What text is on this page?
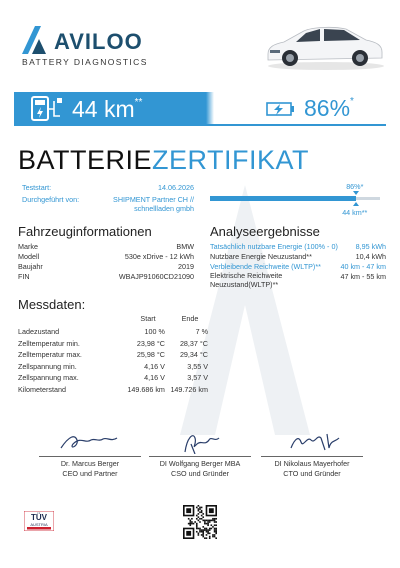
AVILOO
BATTERY DIAGNOSTICS
44 km**	86%*
BATTERIEZERTIFIKAT
Teststart:	14.06.2026
Durchgeführt von:	SHIPMENT Partner CH //
schnellladen gmbh
86%*
44 km**
Fahrzeuginformationen
Marke	BMW
Modell	530e xDrive - 12 kWh
Baujahr	2019
FIN	WBAJP91060CD21090
Analyseergebnisse
Tatsächlich nutzbare Energie (100% - 0) 8,95 kWh
Nutzbare Energie Neuzustand**	10,4 kWh
Verbleibende Reichweite (WLTP)**	40 km - 47 km
Elektrische Reichweite Neuzustand(WLTP)**
47 km - 55 km
Messdaten:
Start	Ende
Ladezustand	100 %	7 %
Zelltemperatur min.	23,98 °C	28,37 °C
Zelltemperatur max.	25,98 °C	29,34 °C
Zellspannung min.	4,16 V	3,55 V
Zellspannung max.	4,16 V	3,57 V
Kilometerstand	149.686 km 149.726 km
Dr. Marcus Berger
CEO und Partner
DI Wolfgang Berger MBA
CSO und Gründer
DI Nikolaus Mayerhofer
CTO und Gründer
TÜV
AUSTRIA
